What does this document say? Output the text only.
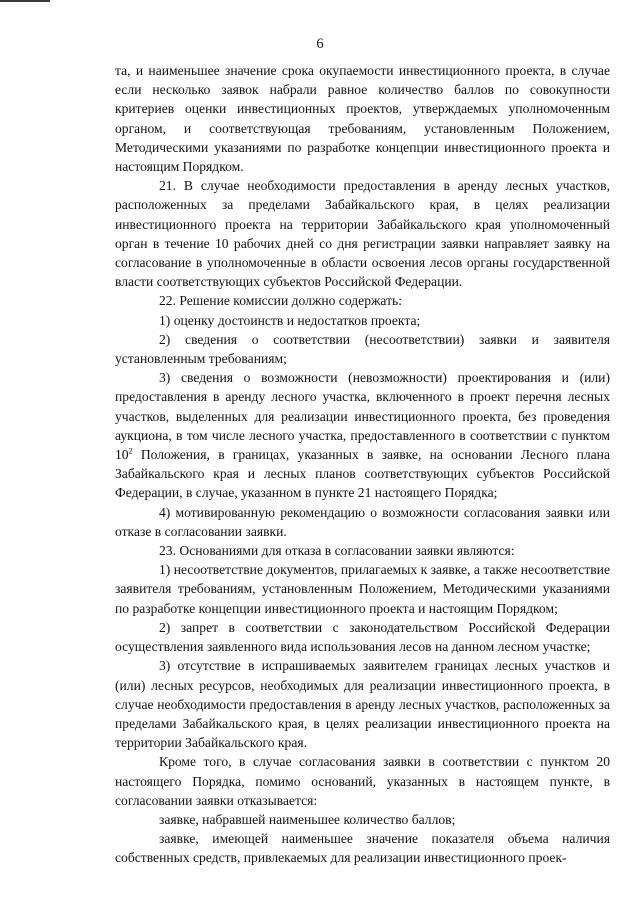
6

та, и наименьшее значение срока окупаемости инвестиционного проекта, в случае если несколько заявок набрали равное количество баллов по совокупности критериев оценки инвестиционных проектов, утверждаемых уполномоченным органом, и соответствующая требованиям, установленным Положением, Методическими указаниями по разработке концепции инвестиционного проекта и настоящим Порядком.

21. В случае необходимости предоставления в аренду лесных участков, расположенных за пределами Забайкальского края, в целях реализации инвестиционного проекта на территории Забайкальского края уполномоченный орган в течение 10 рабочих дней со дня регистрации заявки направляет заявку на согласование в уполномоченные в области освоения лесов органы государственной власти соответствующих субъектов Российской Федерации.

22. Решение комиссии должно содержать:

1) оценку достоинств и недостатков проекта;

2) сведения о соответствии (несоответствии) заявки и заявителя установленным требованиям;

3) сведения о возможности (невозможности) проектирования и (или) предоставления в аренду лесного участка, включенного в проект перечня лесных участков, выделенных для реализации инвестиционного проекта, без проведения аукциона, в том числе лесного участка, предоставленного в соответствии с пунктом $10^2$ Положения, в границах, указанных в заявке, на основании Лесного плана Забайкальского края и лесных планов соответствующих субъектов Российской Федерации, в случае, указанном в пункте 21 настоящего Порядка;

4) мотивированную рекомендацию о возможности согласования заявки или отказе в согласовании заявки.

23. Основаниями для отказа в согласовании заявки являются:

1) несоответствие документов, прилагаемых к заявке, а также несоответствие заявителя требованиям, установленным Положением, Методическими указаниями по разработке концепции инвестиционного проекта и настоящим Порядком;

2) запрет в соответствии с законодательством Российской Федерации осуществления заявленного вида использования лесов на данном лесном участке;

3) отсутствие в испрашиваемых заявителем границах лесных участков и (или) лесных ресурсов, необходимых для реализации инвестиционного проекта, в случае необходимости предоставления в аренду лесных участков, расположенных за пределами Забайкальского края, в целях реализации инвестиционного проекта на территории Забайкальского края.

Кроме того, в случае согласования заявки в соответствии с пунктом 20 настоящего Порядка, помимо оснований, указанных в настоящем пункте, в согласовании заявки отказывается:

заявке, набравшей наименьшее количество баллов;

заявке, имеющей наименьшее значение показателя объема наличия собственных средств, привлекаемых для реализации инвестиционного проек-
